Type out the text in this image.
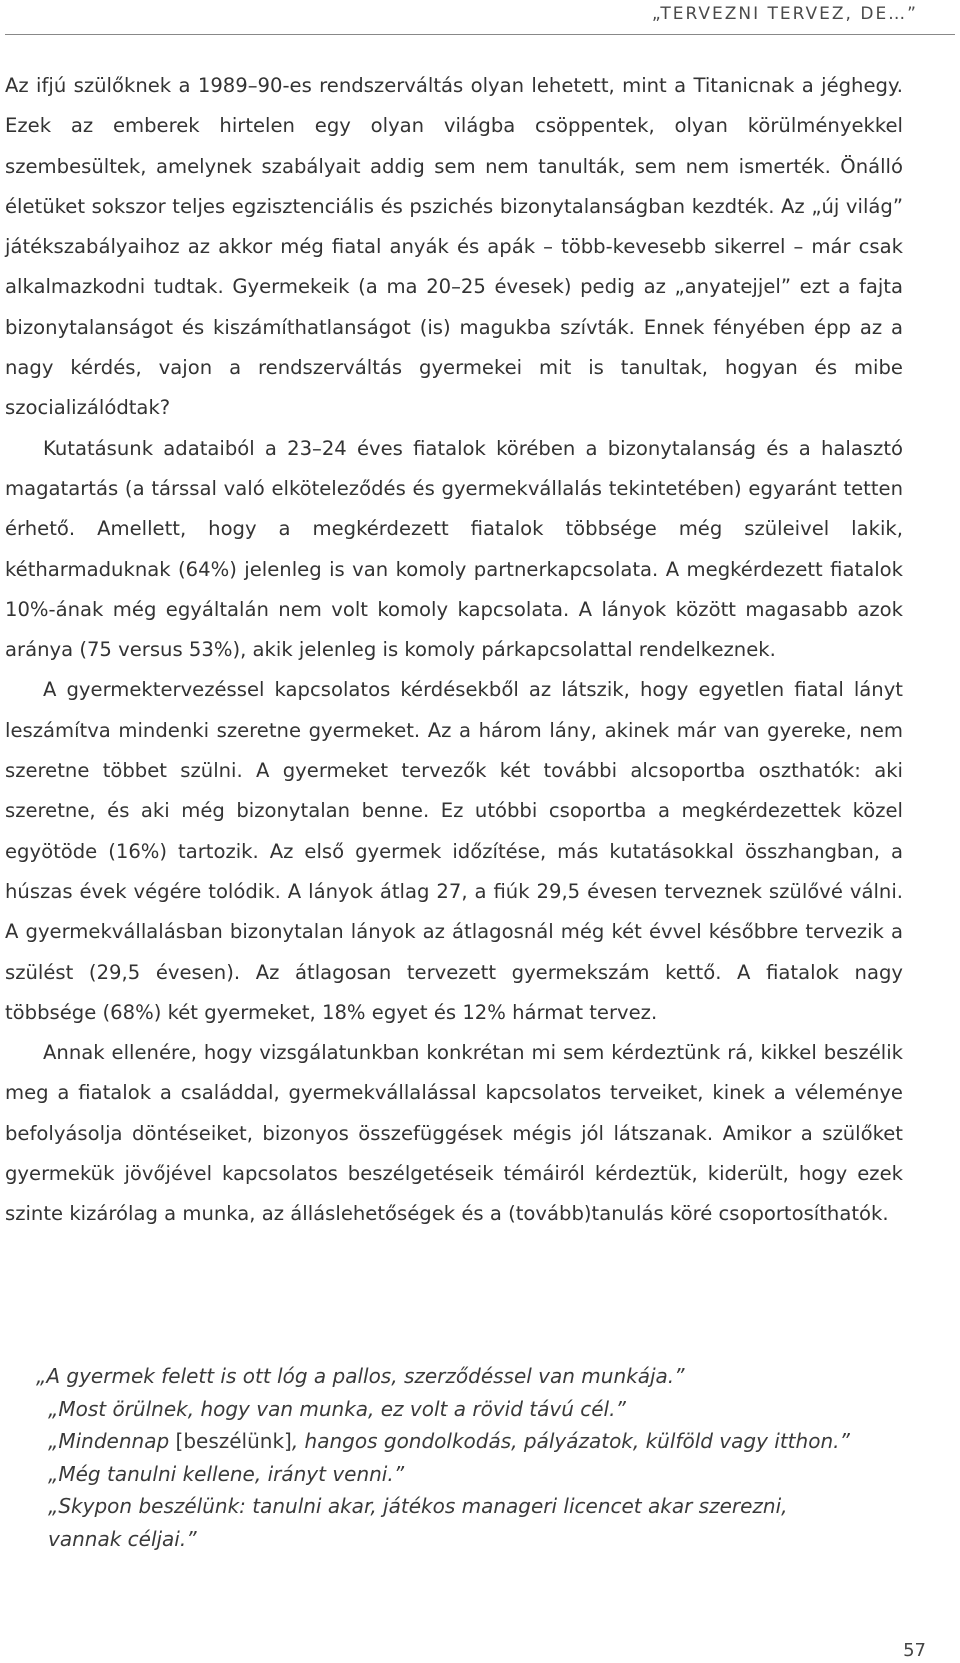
„TERVEZNI TERVEZ, DE…”

Az ifjú szülőknek a 1989–90-es rendszerváltás olyan lehetett, mint a Titanicnak a jéghegy. Ezek az emberek hirtelen egy olyan világba csöppentek, olyan körülményekkel szembesültek, amelynek szabályait addig sem nem tanulták, sem nem ismerték. Önálló életüket sokszor teljes egzisztenciális és pszichés bizonytalanságban kezdték. Az „új világ” játékszabályaihoz az akkor még fiatal anyák és apák – több-kevesebb sikerrel – már csak alkalmazkodni tudtak. Gyermekeik (a ma 20–25 évesek) pedig az „anyatejjel” ezt a fajta bizonytalanságot és kiszámíthatlanságot (is) magukba szívták. Ennek fényében épp az a nagy kérdés, vajon a rendszerváltás gyermekei mit is tanultak, hogyan és mibe szocializálódtak?

Kutatásunk adataiból a 23–24 éves fiatalok körében a bizonytalanság és a halasztó magatartás (a társsal való elköteleződés és gyermekvállalás tekintetében) egyaránt tetten érhető. Amellett, hogy a megkérdezett fiatalok többsége még szüleivel lakik, kétharmaduknak (64%) jelenleg is van komoly partnerkapcsolata. A megkérdezett fiatalok 10%-ának még egyáltalán nem volt komoly kapcsolata. A lányok között magasabb azok aránya (75 versus 53%), akik jelenleg is komoly párkapcsolattal rendelkeznek.

A gyermektervezéssel kapcsolatos kérdésekből az látszik, hogy egyetlen fiatal lányt leszámítva mindenki szeretne gyermeket. Az a három lány, akinek már van gyereke, nem szeretne többet szülni. A gyermeket tervezők két további alcsoportba oszthatók: aki szeretne, és aki még bizonytalan benne. Ez utóbbi csoportba a megkérdezettek közel egyötöde (16%) tartozik. Az első gyermek időzítése, más kutatásokkal összhangban, a húszas évek végére tolódik. A lányok átlag 27, a fiúk 29,5 évesen terveznek szülővé válni. A gyermekvállalásban bizonytalan lányok az átlagosnál még két évvel későbbre tervezik a szülést (29,5 évesen). Az átlagosan tervezett gyermekszám kettő. A fiatalok nagy többsége (68%) két gyermeket, 18% egyet és 12% hármat tervez.

Annak ellenére, hogy vizsgálatunkban konkrétan mi sem kérdeztünk rá, kikkel beszélik meg a fiatalok a családdal, gyermekvállalással kapcsolatos terveiket, kinek a véleménye befolyásolja döntéseiket, bizonyos összefüggések mégis jól látszanak. Amikor a szülőket gyermekük jövőjével kapcsolatos beszélgetéseik témáiról kérdeztük, kiderült, hogy ezek szinte kizárólag a munka, az álláslehetőségek és a (tovább)tanulás köré csoportosíthatók.

„A gyermek felett is ott lóg a pallos, szerződéssel van munkája.”
„Most örülnek, hogy van munka, ez volt a rövid távú cél.”
„Mindennap [beszélünk], hangos gondolkodás, pályázatok, külföld vagy itthon.”
„Még tanulni kellene, irányt venni.”
„Skypon beszélünk: tanulni akar, játékos manageri licencet akar szerezni,
vannak céljai.”
57
